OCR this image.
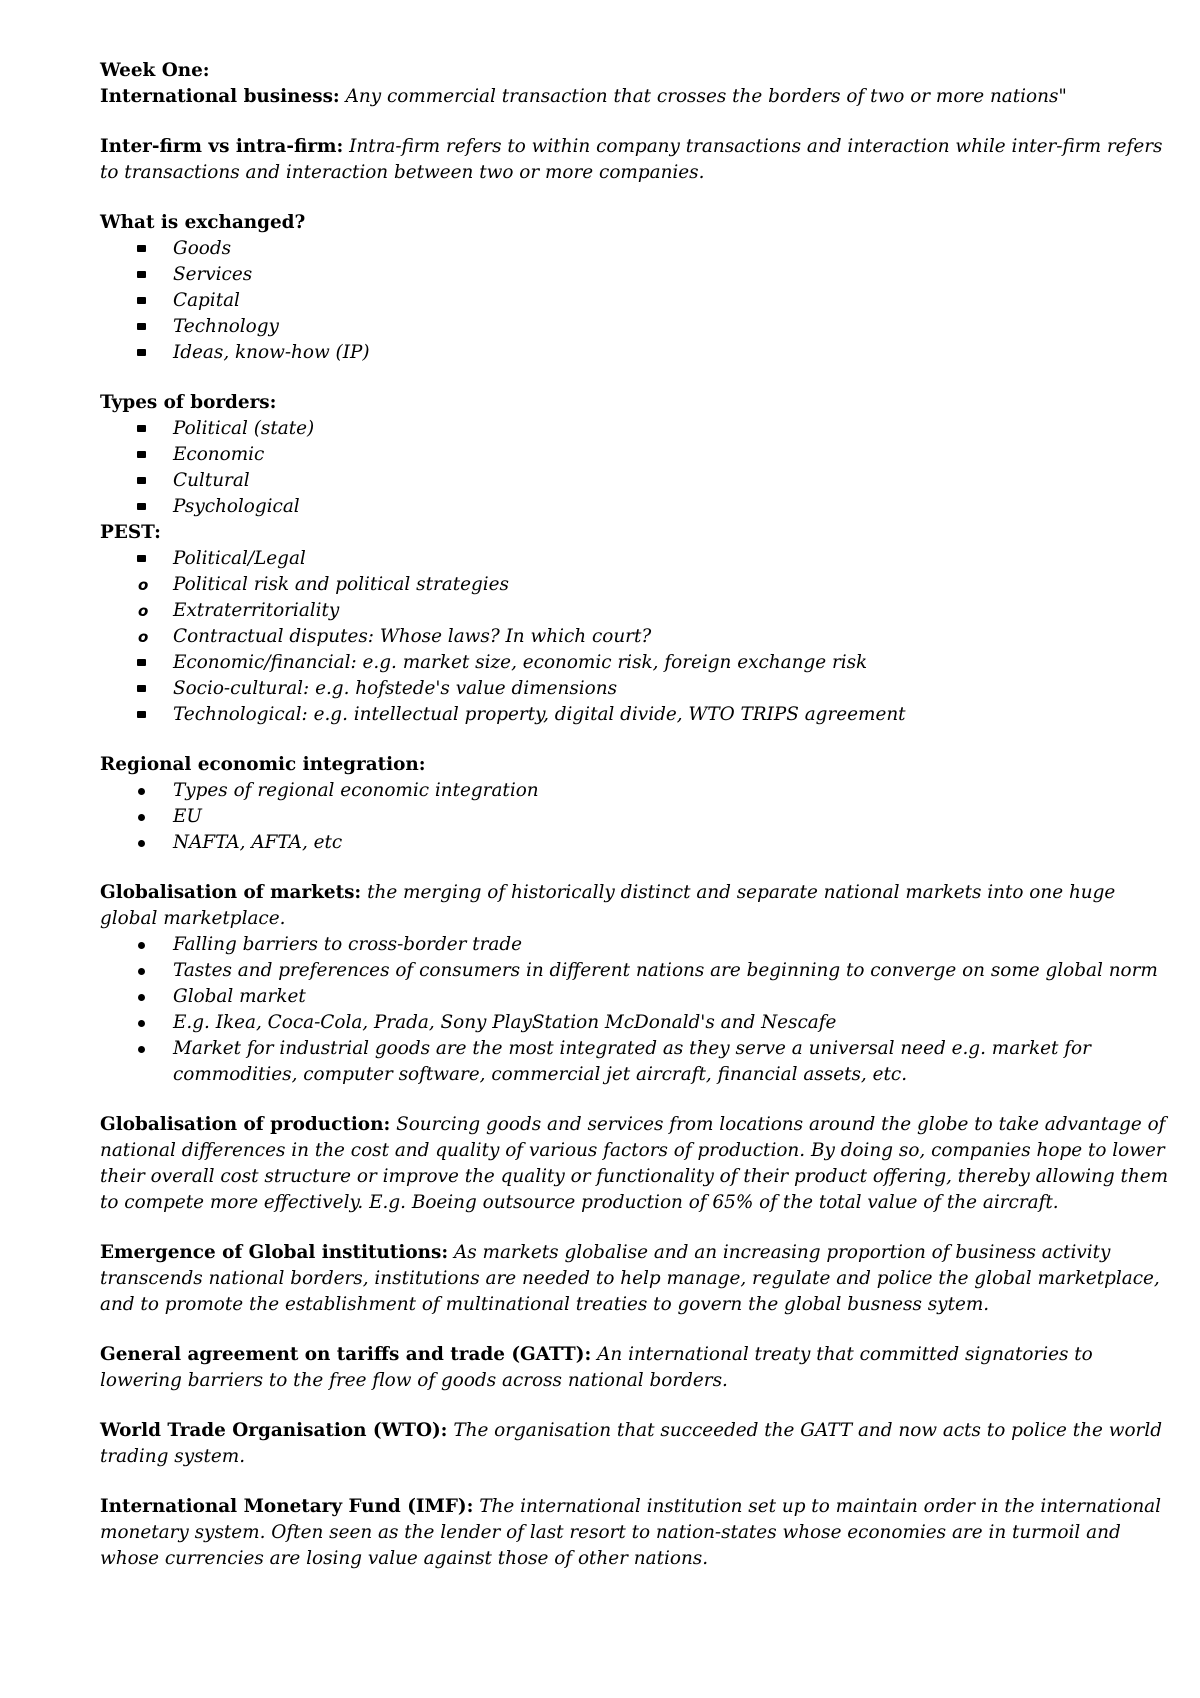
Week One:

International business: Any commercial transaction that crosses the borders of two or more nations"

Inter-firm vs intra-firm: Intra-firm refers to within company transactions and interaction while inter-firm refers to transactions and interaction between two or more companies.

What is exchanged?

Goods
Services
Capital
Technology
Ideas, know-how (IP)

Types of borders:

Political (state)
Economic
Cultural
Psychological

PEST:

Political/Legal
o Political risk and political strategies
o Extraterritoriality
o Contractual disputes: Whose laws? In which court?
Economic/financial: e.g. market size, economic risk, foreign exchange risk
Socio-cultural: e.g. hofstede's value dimensions
Technological: e.g. intellectual property, digital divide, WTO TRIPS agreement

Regional economic integration:

Types of regional economic integration
EU
NAFTA, AFTA, etc

Globalisation of markets: the merging of historically distinct and separate national markets into one huge global marketplace.

Falling barriers to cross-border trade
Tastes and preferences of consumers in different nations are beginning to converge on some global norm
Global market
E.g. Ikea, Coca-Cola, Prada, Sony PlayStation McDonald's and Nescafe
Market for industrial goods are the most integrated as they serve a universal need e.g. market for commodities, computer software, commercial jet aircraft, financial assets, etc.

Globalisation of production: Sourcing goods and services from locations around the globe to take advantage of national differences in the cost and quality of various factors of production. By doing so, companies hope to lower their overall cost structure or improve the quality or functionality of their product offering, thereby allowing them to compete more effectively. E.g. Boeing outsource production of 65% of the total value of the aircraft.

Emergence of Global institutions: As markets globalise and an increasing proportion of business activity transcends national borders, institutions are needed to help manage, regulate and police the global marketplace, and to promote the establishment of multinational treaties to govern the global busness sytem.

General agreement on tariffs and trade (GATT): An international treaty that committed signatories to lowering barriers to the free flow of goods across national borders.

World Trade Organisation (WTO): The organisation that succeeded the GATT and now acts to police the world trading system.

International Monetary Fund (IMF): The international institution set up to maintain order in the international monetary system. Often seen as the lender of last resort to nation-states whose economies are in turmoil and whose currencies are losing value against those of other nations.
